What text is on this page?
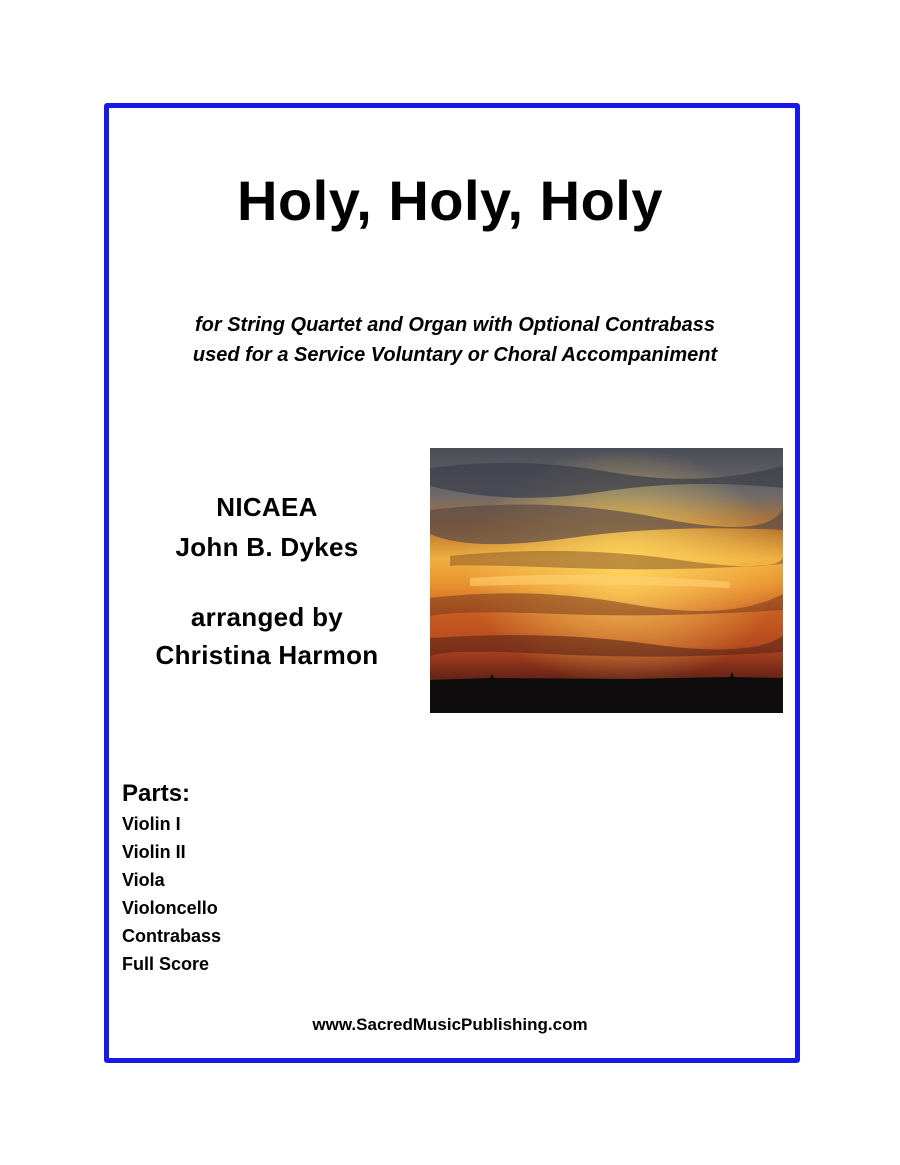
Holy, Holy, Holy
for String Quartet and Organ with Optional Contrabass
used for a Service Voluntary or Choral Accompaniment
NICAEA
John B. Dykes
arranged by
Christina Harmon
Parts:
Violin I
Violin II
Viola
Violoncello
Contrabass
Full Score
www.SacredMusicPublishing.com
